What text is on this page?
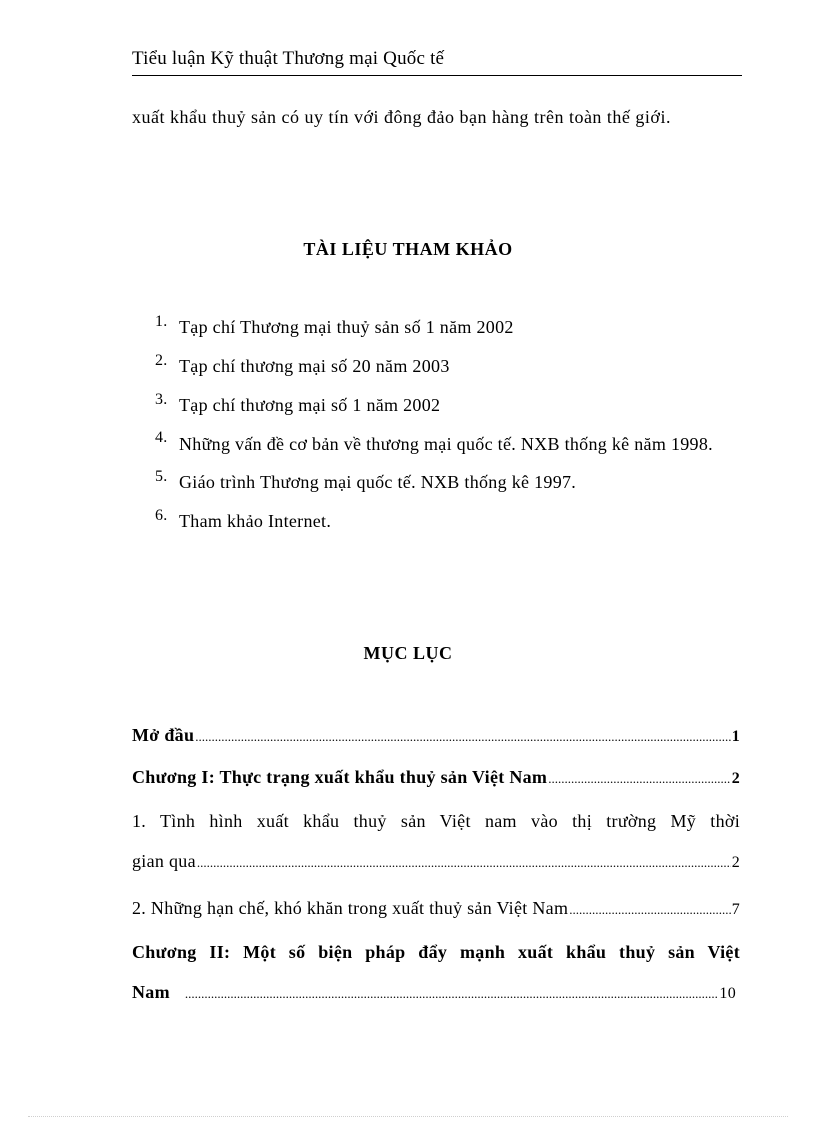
Tiểu luận Kỹ thuật Thương mại Quốc tế
xuất khẩu thuỷ sản có uy tín với đông đảo bạn hàng trên toàn thế giới.
TÀI LIỆU THAM KHẢO
1. Tạp chí Thương mại thuỷ sản số 1 năm 2002
2. Tạp chí thương mại số 20 năm 2003
3. Tạp chí thương mại số 1 năm 2002
4. Những vấn đề cơ bản về thương mại quốc tế. NXB thống kê năm 1998.
5. Giáo trình Thương mại quốc tế. NXB thống kê 1997.
6. Tham khảo Internet.
MỤC LỤC
Mở đầu .....	1
Chương I: Thực trạng xuất khẩu thuỷ sản Việt Nam .....	2
1. Tình hình xuất khẩu thuỷ sản Việt nam vào thị trường Mỹ thời
gian qua .....	2
2. Những hạn chế, khó khăn trong xuất thuỷ sản Việt Nam .....	7
Chương II: Một số biện pháp đẩy mạnh xuất khẩu thuỷ sản Việt
Nam .....	10
